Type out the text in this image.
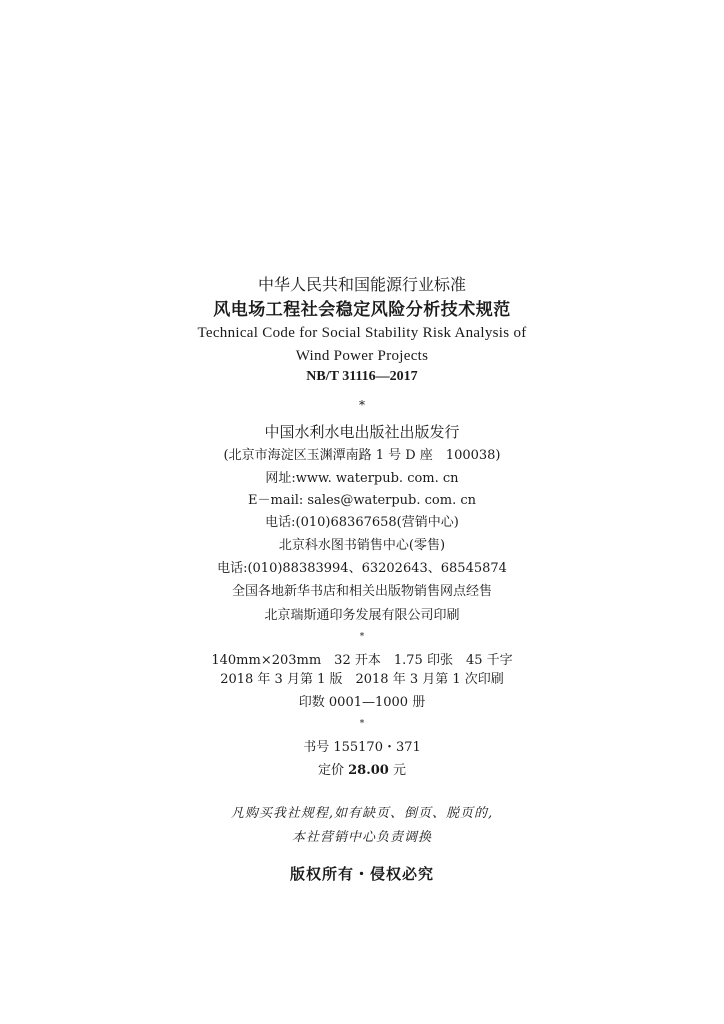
中华人民共和国能源行业标准
风电场工程社会稳定风险分析技术规范
Technical Code for Social Stability Risk Analysis of
Wind Power Projects
NB/T 31116—2017
*
中国水利水电出版社出版发行
(北京市海淀区玉渊潭南路 1 号 D 座　100038)
网址:www. waterpub. com. cn
E－mail: sales@waterpub. com. cn
电话:(010)68367658(营销中心)
北京科水图书销售中心(零售)
电话:(010)88383994、63202643、68545874
全国各地新华书店和相关出版物销售网点经售
北京瑞斯通印务发展有限公司印刷
*
140mm×203mm　32 开本　1.75 印张　45 千字
2018 年 3 月第 1 版　2018 年 3 月第 1 次印刷
印数 0001—1000 册
*
书号 155170・371
定价 28.00 元
凡购买我社规程,如有缺页、倒页、脱页的,
本社营销中心负责调换
版权所有・侵权必究
